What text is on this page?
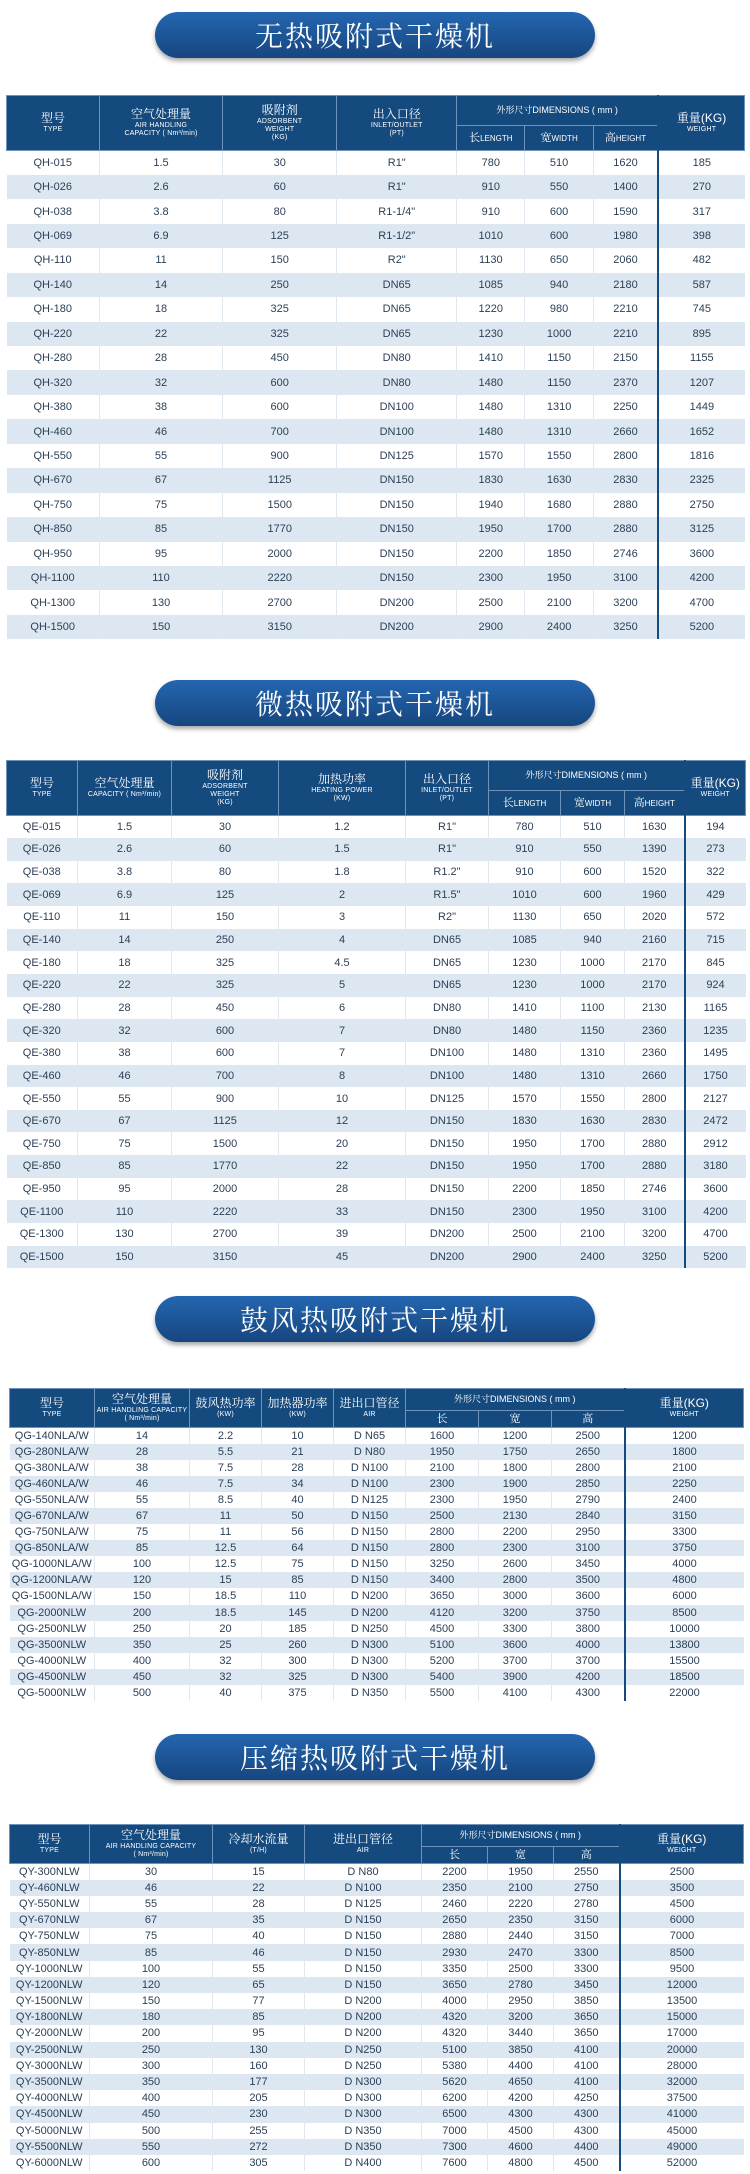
无热吸附式干燥机
型号
TYPE	空气处理量
AIR HANDLING
CAPACITY ( Nm³/min)	吸附剂
ADSORBENT
WEIGHT
(KG)	出入口径
INLET/OUTLET
(PT)	外形尺寸DIMENSIONS ( mm )			重量(KG)
WEIGHT

				长LENGTH	宽WIDTH	高HEIGHT	
QH-015	1.5	30	R1"	780	510	1620	185
QH-026	2.6	60	R1"	910	550	1400	270
QH-038	3.8	80	R1-1/4"	910	600	1590	317
QH-069	6.9	125	R1-1/2"	1010	600	1980	398
QH-110	11	150	R2"	1130	650	2060	482
QH-140	14	250	DN65	1085	940	2180	587
QH-180	18	325	DN65	1220	980	2210	745
QH-220	22	325	DN65	1230	1000	2210	895
QH-280	28	450	DN80	1410	1150	2150	1155
QH-320	32	600	DN80	1480	1150	2370	1207
QH-380	38	600	DN100	1480	1310	2250	1449
QH-460	46	700	DN100	1480	1310	2660	1652
QH-550	55	900	DN125	1570	1550	2800	1816
QH-670	67	1125	DN150	1830	1630	2830	2325
QH-750	75	1500	DN150	1940	1680	2880	2750
QH-850	85	1770	DN150	1950	1700	2880	3125
QH-950	95	2000	DN150	2200	1850	2746	3600
QH-1100	110	2220	DN150	2300	1950	3100	4200
QH-1300	130	2700	DN200	2500	2100	3200	4700
QH-1500	150	3150	DN200	2900	2400	3250	5200
微热吸附式干燥机
型号
TYPE	空气处理量
CAPACITY ( Nm³/min)	吸附剂
ADSORBENT
WEIGHT
(KG)	加热功率
HEATING POWER
(KW)	出入口径
INLET/OUTLET
(PT)	外形尺寸DIMENSIONS ( mm )			重量(KG)
WEIGHT

					长LENGTH	宽WIDTH	高HEIGHT	
QE-015	1.5	30	1.2	R1"	780	510	1630	194
QE-026	2.6	60	1.5	R1"	910	550	1390	273
QE-038	3.8	80	1.8	R1.2"	910	600	1520	322
QE-069	6.9	125	2	R1.5"	1010	600	1960	429
QE-110	11	150	3	R2"	1130	650	2020	572
QE-140	14	250	4	DN65	1085	940	2160	715
QE-180	18	325	4.5	DN65	1230	1000	2170	845
QE-220	22	325	5	DN65	1230	1000	2170	924
QE-280	28	450	6	DN80	1410	1100	2130	1165
QE-320	32	600	7	DN80	1480	1150	2360	1235
QE-380	38	600	7	DN100	1480	1310	2360	1495
QE-460	46	700	8	DN100	1480	1310	2660	1750
QE-550	55	900	10	DN125	1570	1550	2800	2127
QE-670	67	1125	12	DN150	1830	1630	2830	2472
QE-750	75	1500	20	DN150	1950	1700	2880	2912
QE-850	85	1770	22	DN150	1950	1700	2880	3180
QE-950	95	2000	28	DN150	2200	1850	2746	3600
QE-1100	110	2220	33	DN150	2300	1950	3100	4200
QE-1300	130	2700	39	DN200	2500	2100	3200	4700
QE-1500	150	3150	45	DN200	2900	2400	3250	5200
鼓风热吸附式干燥机
型号
TYPE	空气处理量
AIR HANDLING CAPACITY
( Nm³/min)	鼓风热功率
(KW)	加热器功率
(KW)	进出口管径
AIR	外形尺寸DIMENSIONS ( mm )			重量(KG)
WEIGHT

					长	宽	高	
QG-140NLA/W	14	2.2	10	D N65	1600	1200	2500	1200
QG-280NLA/W	28	5.5	21	D N80	1950	1750	2650	1800
QG-380NLA/W	38	7.5	28	D N100	2100	1800	2800	2100
QG-460NLA/W	46	7.5	34	D N100	2300	1900	2850	2250
QG-550NLA/W	55	8.5	40	D N125	2300	1950	2790	2400
QG-670NLA/W	67	11	50	D N150	2500	2130	2840	3150
QG-750NLA/W	75	11	56	D N150	2800	2200	2950	3300
QG-850NLA/W	85	12.5	64	D N150	2800	2300	3100	3750
QG-1000NLA/W	100	12.5	75	D N150	3250	2600	3450	4000
QG-1200NLA/W	120	15	85	D N150	3400	2800	3500	4800
QG-1500NLA/W	150	18.5	110	D N200	3650	3000	3600	6000
QG-2000NLW	200	18.5	145	D N200	4120	3200	3750	8500
QG-2500NLW	250	20	185	D N250	4500	3300	3800	10000
QG-3500NLW	350	25	260	D N300	5100	3600	4000	13800
QG-4000NLW	400	32	300	D N300	5200	3700	3700	15500
QG-4500NLW	450	32	325	D N300	5400	3900	4200	18500
QG-5000NLW	500	40	375	D N350	5500	4100	4300	22000
压缩热吸附式干燥机
型号
TYPE	空气处理量
AIR HANDLING CAPACITY
( Nm³/min)	冷却水流量
(T/H)	进出口管径
AIR	外形尺寸DIMENSIONS ( mm )			重量(KG)
WEIGHT

				长	宽	高	
QY-300NLW	30	15	D N80	2200	1950	2550	2500
QY-460NLW	46	22	D N100	2350	2100	2750	3500
QY-550NLW	55	28	D N125	2460	2220	2780	4500
QY-670NLW	67	35	D N150	2650	2350	3150	6000
QY-750NLW	75	40	D N150	2880	2440	3150	7000
QY-850NLW	85	46	D N150	2930	2470	3300	8500
QY-1000NLW	100	55	D N150	3350	2500	3300	9500
QY-1200NLW	120	65	D N150	3650	2780	3450	12000
QY-1500NLW	150	77	D N200	4000	2950	3850	13500
QY-1800NLW	180	85	D N200	4320	3200	3650	15000
QY-2000NLW	200	95	D N200	4320	3440	3650	17000
QY-2500NLW	250	130	D N250	5100	3850	4100	20000
QY-3000NLW	300	160	D N250	5380	4400	4100	28000
QY-3500NLW	350	177	D N300	5620	4650	4100	32000
QY-4000NLW	400	205	D N300	6200	4200	4250	37500
QY-4500NLW	450	230	D N300	6500	4300	4300	41000
QY-5000NLW	500	255	D N350	7000	4500	4300	45000
QY-5500NLW	550	272	D N350	7300	4600	4400	49000
QY-6000NLW	600	305	D N400	7600	4800	4500	52000
